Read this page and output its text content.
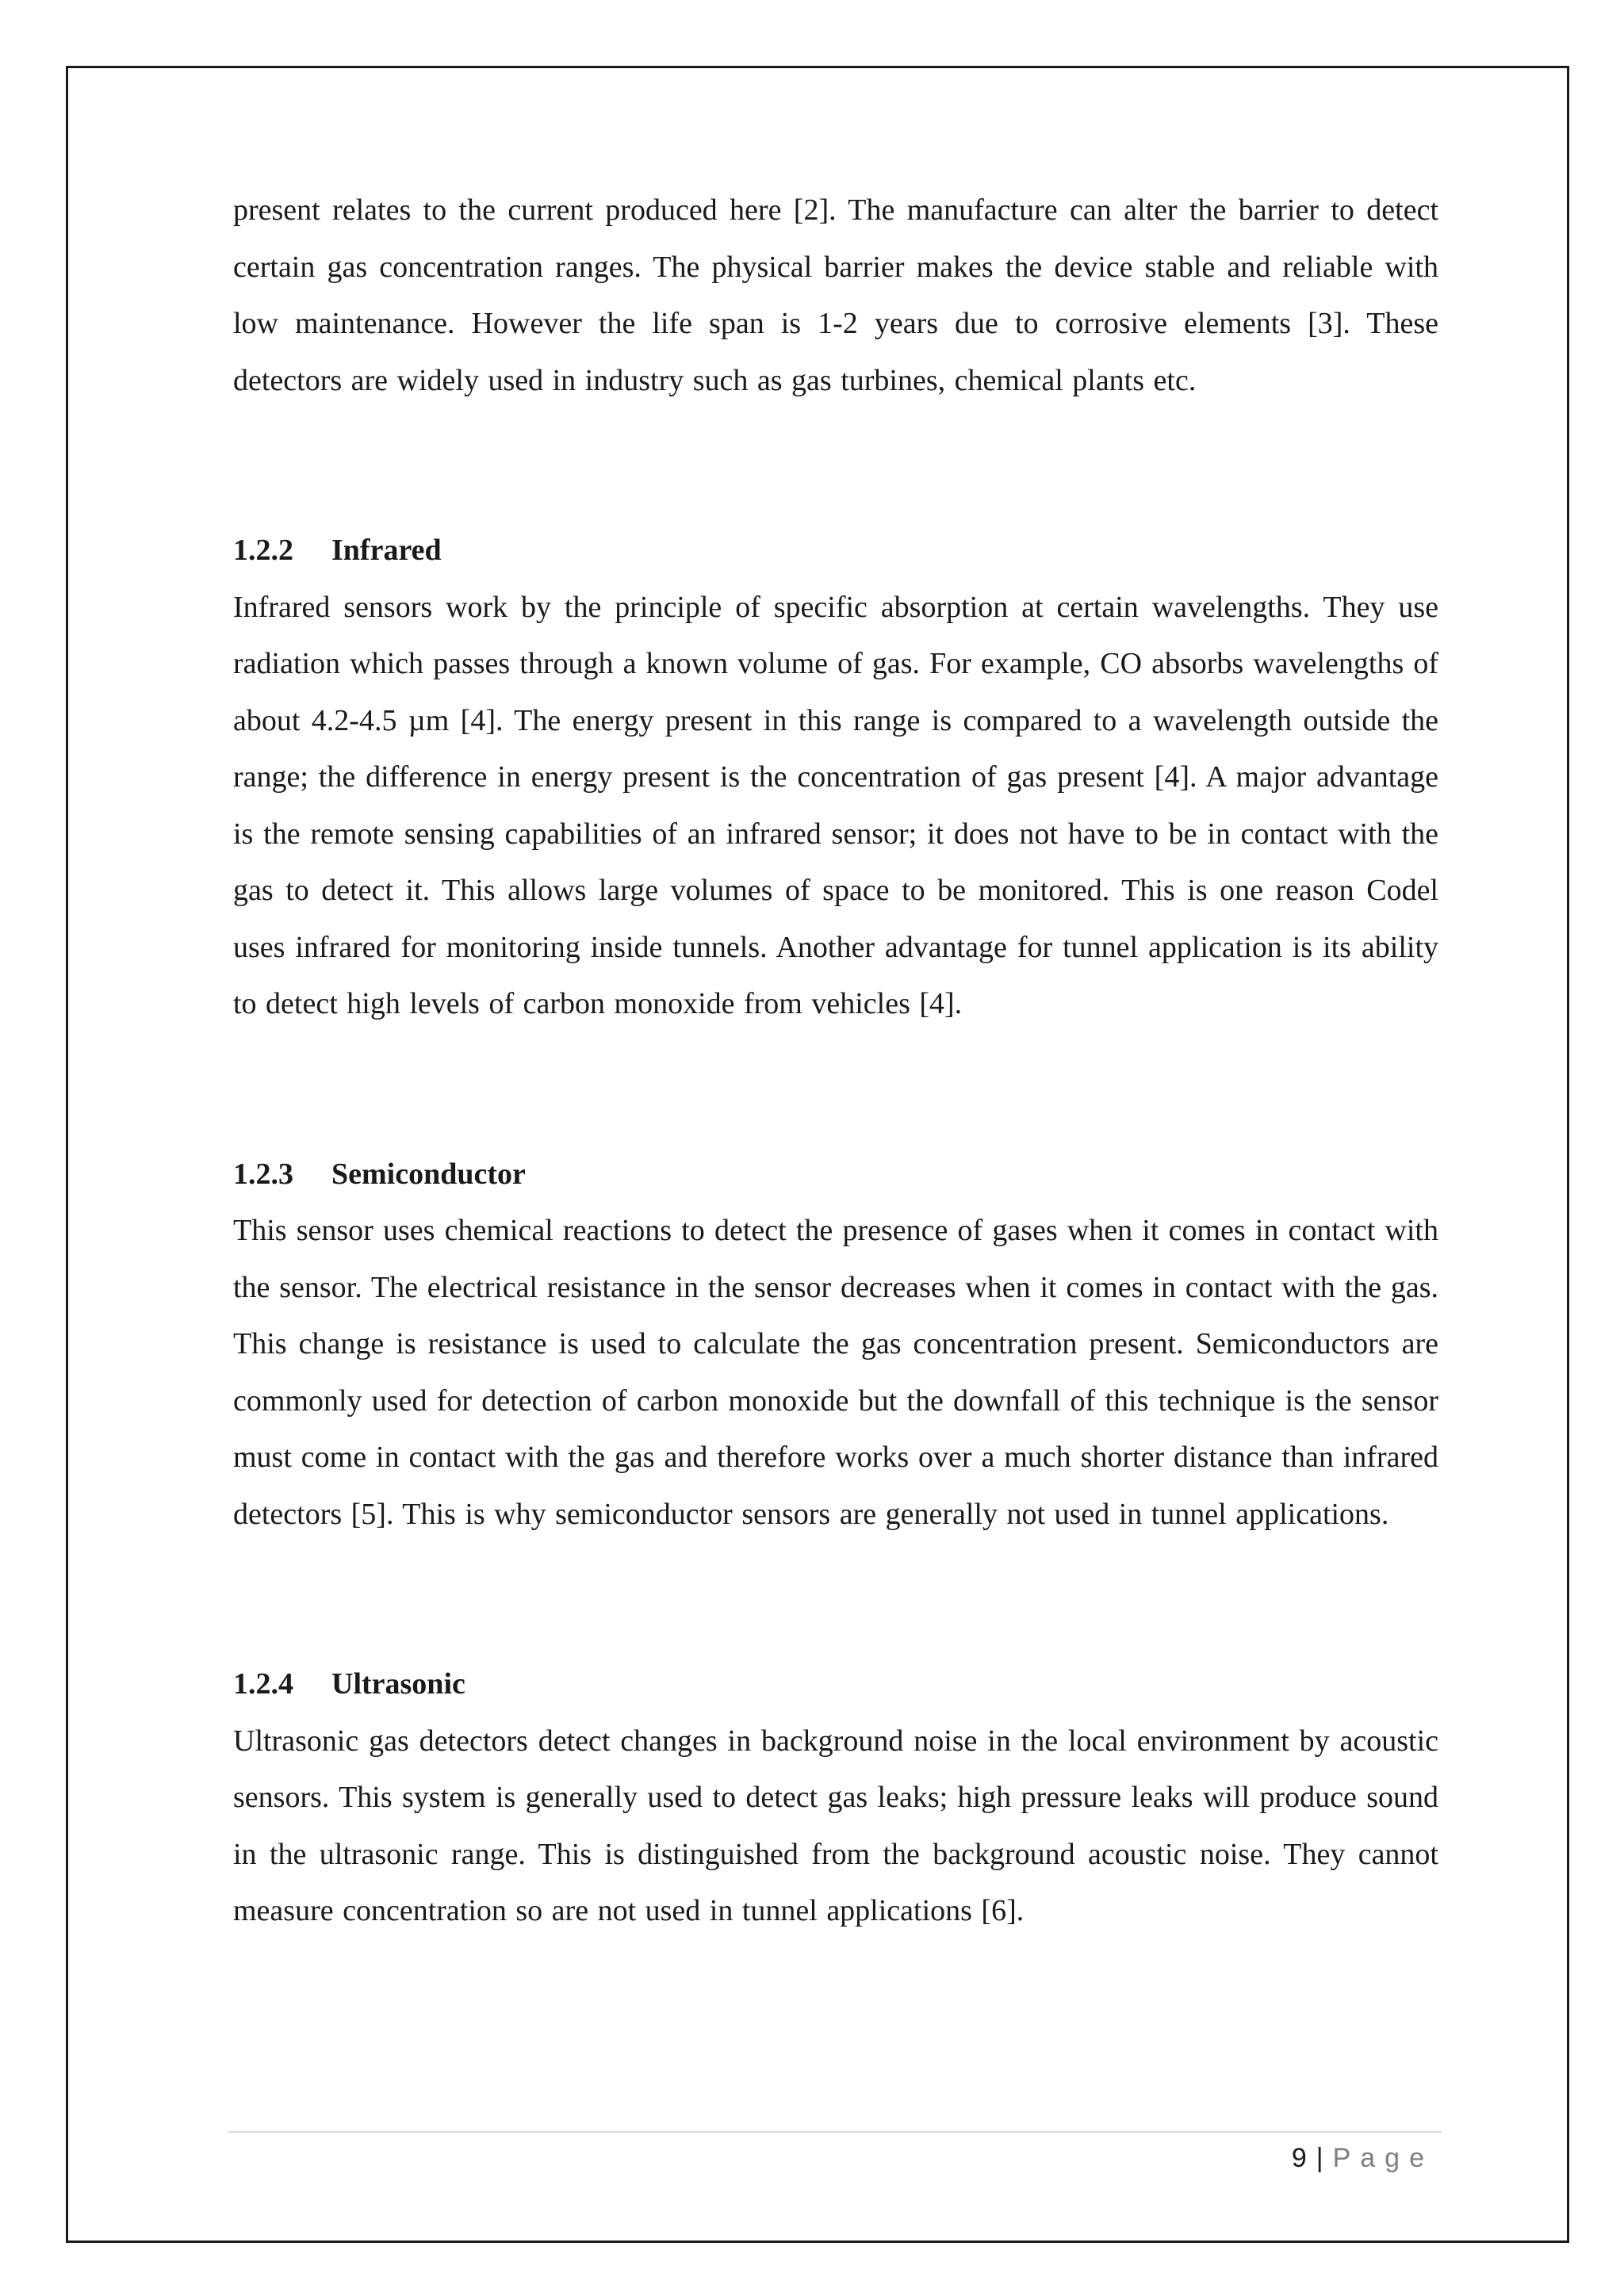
present relates to the current produced here [2]. The manufacture can alter the barrier to detect certain gas concentration ranges. The physical barrier makes the device stable and reliable with low maintenance. However the life span is 1-2 years due to corrosive elements [3]. These detectors are widely used in industry such as gas turbines, chemical plants etc.

1.2.2 Infrared

Infrared sensors work by the principle of specific absorption at certain wavelengths. They use radiation which passes through a known volume of gas. For example, CO absorbs wavelengths of about 4.2-4.5 µm [4]. The energy present in this range is compared to a wavelength outside the range; the difference in energy present is the concentration of gas present [4]. A major advantage is the remote sensing capabilities of an infrared sensor; it does not have to be in contact with the gas to detect it. This allows large volumes of space to be monitored. This is one reason Codel uses infrared for monitoring inside tunnels. Another advantage for tunnel application is its ability to detect high levels of carbon monoxide from vehicles [4].

1.2.3 Semiconductor

This sensor uses chemical reactions to detect the presence of gases when it comes in contact with the sensor. The electrical resistance in the sensor decreases when it comes in contact with the gas. This change is resistance is used to calculate the gas concentration present. Semiconductors are commonly used for detection of carbon monoxide but the downfall of this technique is the sensor must come in contact with the gas and therefore works over a much shorter distance than infrared detectors [5]. This is why semiconductor sensors are generally not used in tunnel applications.

1.2.4 Ultrasonic

Ultrasonic gas detectors detect changes in background noise in the local environment by acoustic sensors. This system is generally used to detect gas leaks; high pressure leaks will produce sound in the ultrasonic range. This is distinguished from the background acoustic noise. They cannot measure concentration so are not used in tunnel applications [6].

9 | Page
